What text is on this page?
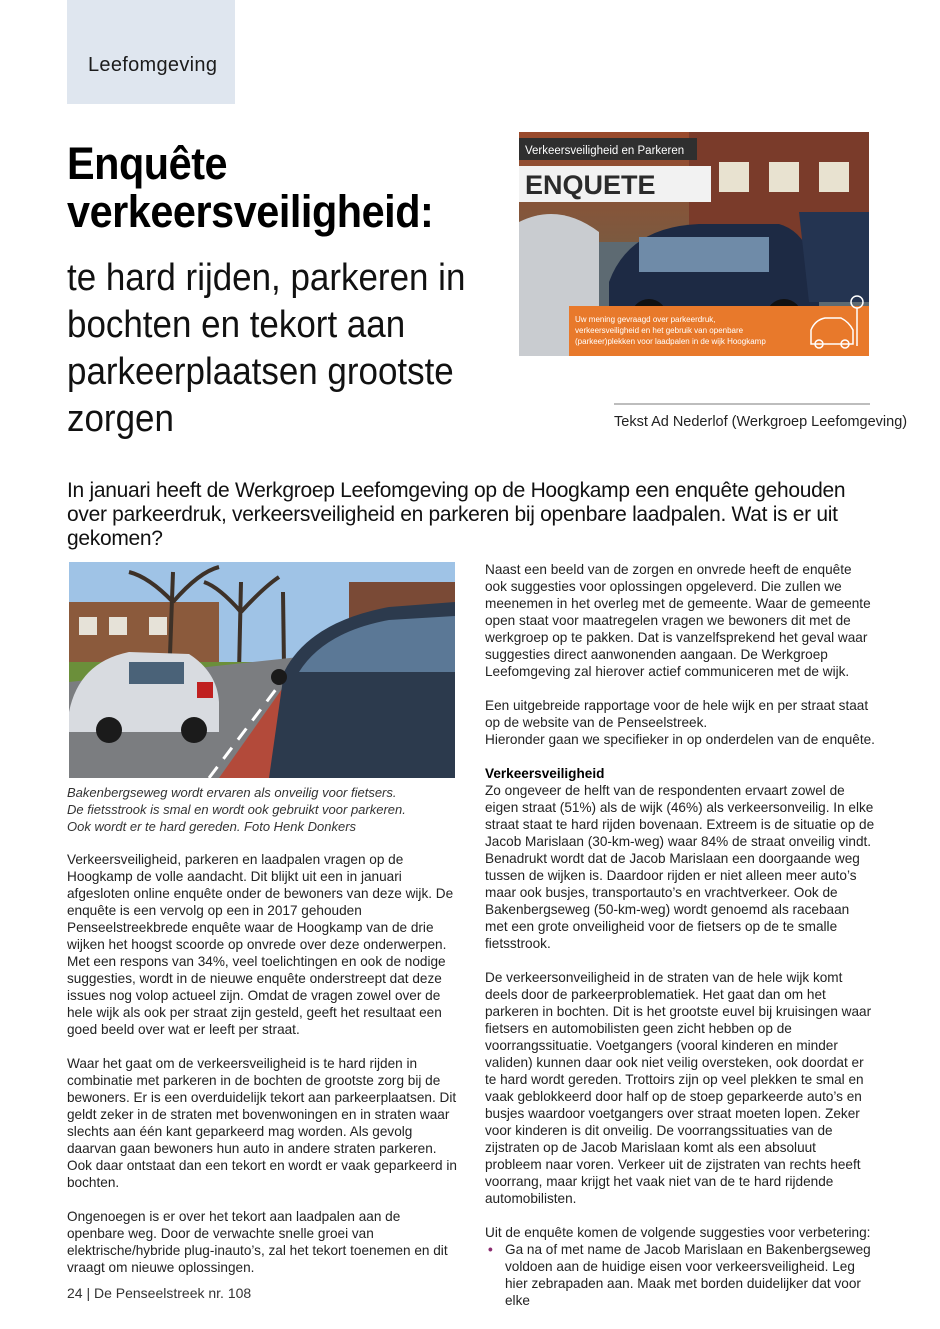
Leefomgeving
Enquête
verkeersveiligheid:
te hard rijden, parkeren in bochten en tekort aan parkeerplaatsen grootste zorgen
Verkeersveiligheid en Parkeren
ENQUETE
Uw mening gevraagd over parkeerdruk,
verkeersveiligheid en het gebruik van openbare
(parkeer)plekken voor laadpalen in de wijk Hoogkamp
Tekst Ad Nederlof (Werkgroep Leefomgeving)
In januari heeft de Werkgroep Leefomgeving op de Hoogkamp een enquête gehouden over parkeerdruk, verkeersveiligheid en parkeren bij openbare laadpalen. Wat is er uit gekomen?
Bakenbergseweg wordt ervaren als onveilig voor fietsers.
De fietsstrook is smal en wordt ook gebruikt voor parkeren.
Ook wordt er te hard gereden. Foto Henk Donkers

Verkeersveiligheid, parkeren en laadpalen vragen op de Hoogkamp de volle aandacht. Dit blijkt uit een in januari afgesloten online enquête onder de bewoners van deze wijk. De enquête is een vervolg op een in 2017 gehouden Penseelstreekbrede enquête waar de Hoogkamp van de drie wijken het hoogst scoorde op onvrede over deze onderwerpen. Met een respons van 34%, veel toelichtingen en ook de nodige suggesties, wordt in de nieuwe enquête onderstreept dat deze issues nog volop actueel zijn. Omdat de vragen zowel over de hele wijk als ook per straat zijn gesteld, geeft het resultaat een goed beeld over wat er leeft per straat.

Waar het gaat om de verkeersveiligheid is te hard rijden in combinatie met parkeren in de bochten de grootste zorg bij de bewoners. Er is een overduidelijk tekort aan parkeerplaatsen. Dit geldt zeker in de straten met bovenwoningen en in straten waar slechts aan één kant geparkeerd mag worden. Als gevolg daarvan gaan bewoners hun auto in andere straten parkeren. Ook daar ontstaat dan een tekort en wordt er vaak geparkeerd in bochten.

Ongenoegen is er over het tekort aan laadpalen aan de openbare weg. Door de verwachte snelle groei van elektrische/hybride plug-inauto’s, zal het tekort toenemen en dit vraagt om nieuwe oplossingen.

Naast een beeld van de zorgen en onvrede heeft de enquête ook suggesties voor oplossingen opgeleverd. Die zullen we meenemen in het overleg met de gemeente. Waar de gemeente open staat voor maatregelen vragen we bewoners dit met de werkgroep op te pakken. Dat is vanzelfsprekend het geval waar suggesties direct aanwonenden aangaan. De Werkgroep Leefomgeving zal hierover actief communiceren met de wijk.

Een uitgebreide rapportage voor de hele wijk en per straat staat op de website van de Penseelstreek.
Hieronder gaan we specifieker in op onderdelen van de enquête.

Verkeersveiligheid

Zo ongeveer de helft van de respondenten ervaart zowel de eigen straat (51%) als de wijk (46%) als verkeersonveilig. In elke straat staat te hard rijden bovenaan. Extreem is de situatie op de Jacob Marislaan (30-km-weg) waar 84% de straat onveilig vindt. Benadrukt wordt dat de Jacob Marislaan een doorgaande weg tussen de wijken is. Daardoor rijden er niet alleen meer auto’s maar ook busjes, transportauto’s en vrachtverkeer. Ook de Bakenbergseweg (50-km-weg) wordt genoemd als racebaan met een grote onveiligheid voor de fietsers op de te smalle fietsstrook.

De verkeersonveiligheid in de straten van de hele wijk komt deels door de parkeerproblematiek. Het gaat dan om het parkeren in bochten. Dit is het grootste euvel bij kruisingen waar fietsers en automobilisten geen zicht hebben op de voorrangssituatie. Voetgangers (vooral kinderen en minder validen) kunnen daar ook niet veilig oversteken, ook doordat er te hard wordt gereden. Trottoirs zijn op veel plekken te smal en vaak geblokkeerd door half op de stoep geparkeerde auto’s en busjes waardoor voetgangers over straat moeten lopen. Zeker voor kinderen is dit onveilig. De voorrangssituaties van de zijstraten op de Jacob Marislaan komt als een absoluut probleem naar voren. Verkeer uit de zijstraten van rechts heeft voorrang, maar krijgt het vaak niet van de te hard rijdende automobilisten.

Uit de enquête komen de volgende suggesties voor verbetering:

• Ga na of met name de Jacob Marislaan en Bakenbergseweg voldoen aan de huidige eisen voor verkeersveiligheid. Leg hier zebrapaden aan. Maak met borden duidelijker dat voor elke
24 | De Penseelstreek nr. 108
